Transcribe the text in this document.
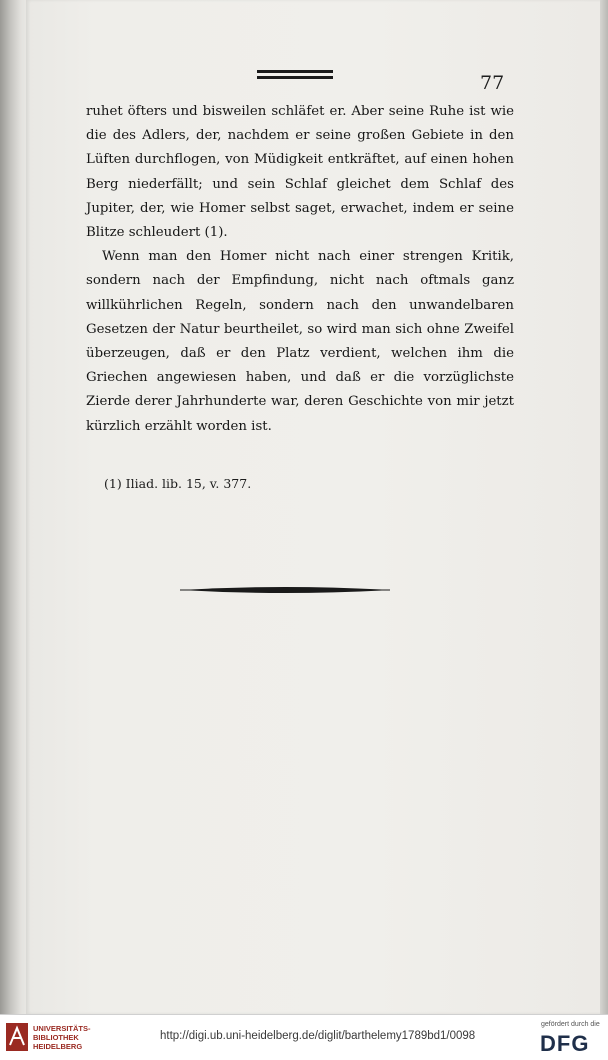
77

ruhet öfters und bisweilen schläfet er. Aber seine Ruhe ist wie die des Adlers, der, nachdem er seine großen Gebiete in den Lüften durchflogen, von Müdigkeit entkräftet, auf einen hohen Berg niederfällt; und sein Schlaf gleichet dem Schlaf des Jupiter, der, wie Homer selbst saget, erwachet, indem er seine Blitze schleudert (1).

Wenn man den Homer nicht nach einer strengen Kritik, sondern nach der Empfindung, nicht nach oftmals ganz willkührlichen Regeln, sondern nach den unwandelbaren Gesetzen der Natur beurtheilet, so wird man sich ohne Zweifel überzeugen, daß er den Platz verdient, welchen ihm die Griechen angewiesen haben, und daß er die vorzüglichste Zierde derer Jahrhunderte war, deren Geschichte von mir jetzt kürzlich erzählt worden ist.

(1) Iliad. lib. 15, v. 377.
UNIVERSITÄTS-
BIBLIOTHEK
HEIDELBERG
http://digi.ub.uni-heidelberg.de/diglit/barthelemy1789bd1/0098
gefördert durch die
DFG
